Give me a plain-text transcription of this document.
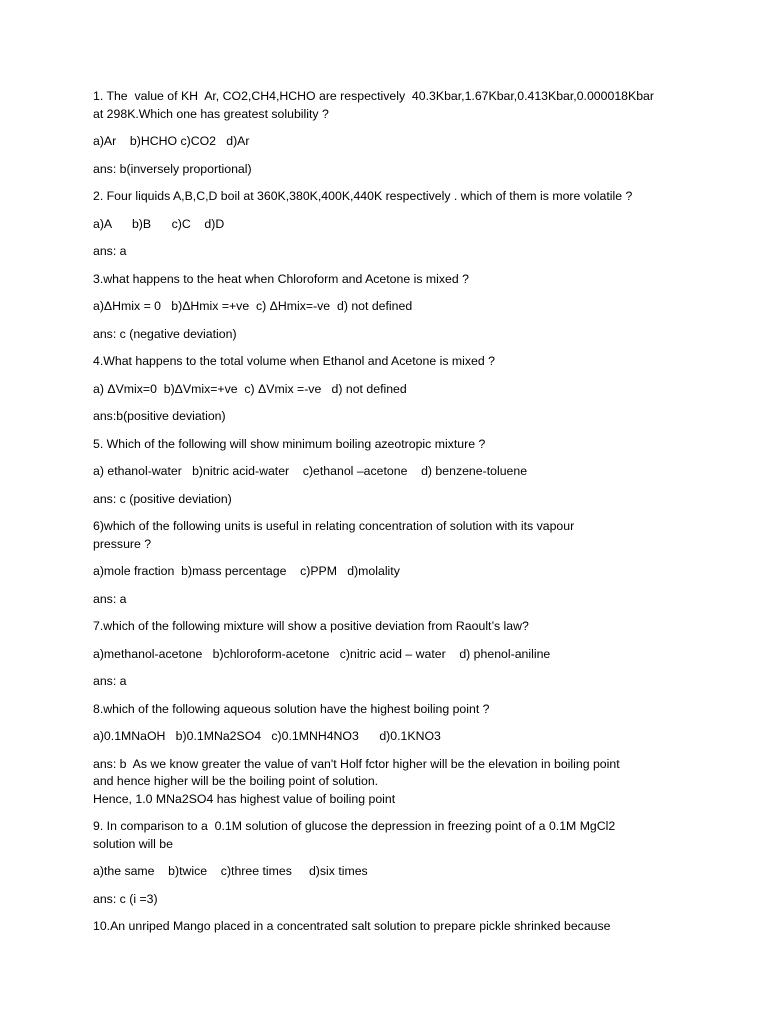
1. The  value of KH  Ar, CO2,CH4,HCHO are respectively  40.3Kbar,1.67Kbar,0.413Kbar,0.000018Kbar
at 298K.Which one has greatest solubility ?

a)Ar    b)HCHO c)CO2   d)Ar

ans: b(inversely proportional)

2. Four liquids A,B,C,D boil at 360K,380K,400K,440K respectively . which of them is more volatile ?

a)A      b)B      c)C    d)D

ans: a

3.what happens to the heat when Chloroform and Acetone is mixed ?

a)ΔHmix = 0   b)ΔHmix =+ve  c) ΔHmix=-ve  d) not defined

ans: c (negative deviation)

4.What happens to the total volume when Ethanol and Acetone is mixed ?

a) ΔVmix=0  b)ΔVmix=+ve  c) ΔVmix =-ve   d) not defined

ans:b(positive deviation)

5. Which of the following will show minimum boiling azeotropic mixture ?

a) ethanol-water   b)nitric acid-water    c)ethanol –acetone    d) benzene-toluene

ans: c (positive deviation)

6)which of the following units is useful in relating concentration of solution with its vapour
pressure ?

a)mole fraction  b)mass percentage    c)PPM   d)molality

ans: a

7.which of the following mixture will show a positive deviation from Raoult’s law?

a)methanol-acetone   b)chloroform-acetone   c)nitric acid – water    d) phenol-aniline

ans: a

8.which of the following aqueous solution have the highest boiling point ?

a)0.1MNaOH   b)0.1MNa2SO4   c)0.1MNH4NO3      d)0.1KNO3

ans: b  As we know greater the value of van't Holf fctor higher will be the elevation in boiling point
and hence higher will be the boiling point of solution.
Hence, 1.0 MNa2SO4 has highest value of boiling point

9. In comparison to a  0.1M solution of glucose the depression in freezing point of a 0.1M MgCl2
solution will be

a)the same    b)twice    c)three times     d)six times

ans: c (i =3)

10.An unriped Mango placed in a concentrated salt solution to prepare pickle shrinked because
